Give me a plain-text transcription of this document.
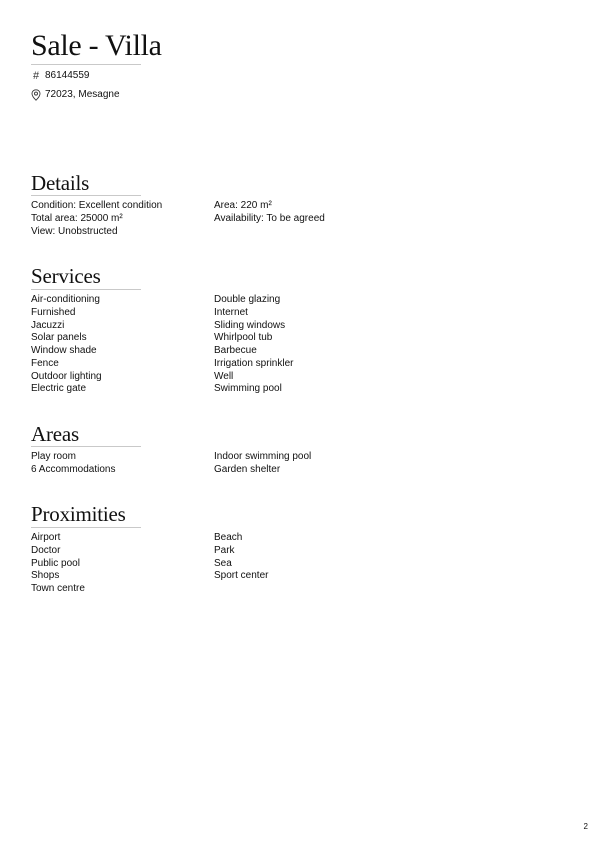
Sale - Villa
# 86144559
72023, Mesagne
Details
Condition: Excellent condition
Total area: 25000 m²
View: Unobstructed
Area: 220 m²
Availability: To be agreed
Services
Air-conditioning
Furnished
Jacuzzi
Solar panels
Window shade
Fence
Outdoor lighting
Electric gate
Double glazing
Internet
Sliding windows
Whirlpool tub
Barbecue
Irrigation sprinkler
Well
Swimming pool
Areas
Play room
6 Accommodations
Indoor swimming pool
Garden shelter
Proximities
Airport
Doctor
Public pool
Shops
Town centre
Beach
Park
Sea
Sport center
2
